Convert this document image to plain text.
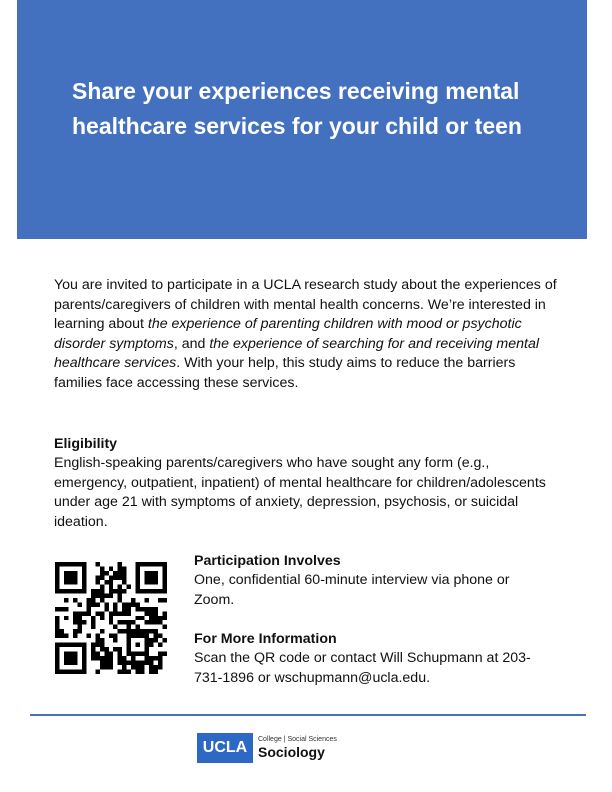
Share your experiences receiving mental healthcare services for your child or teen

You are invited to participate in a UCLA research study about the experiences of parents/caregivers of children with mental health concerns. We’re interested in learning about the experience of parenting children with mood or psychotic disorder symptoms, and the experience of searching for and receiving mental healthcare services. With your help, this study aims to reduce the barriers families face accessing these services.

Eligibility

English-speaking parents/caregivers who have sought any form (e.g., emergency, outpatient, inpatient) of mental healthcare for children/adolescents under age 21 with symptoms of anxiety, depression, psychosis, or suicidal ideation.

Participation Involves

One, confidential 60-minute interview via phone or Zoom.

For More Information

Scan the QR code or contact Will Schupmann at 203-731-1896 or wschupmann@ucla.edu.

UCLA	College | Social Sciences
Sociology
